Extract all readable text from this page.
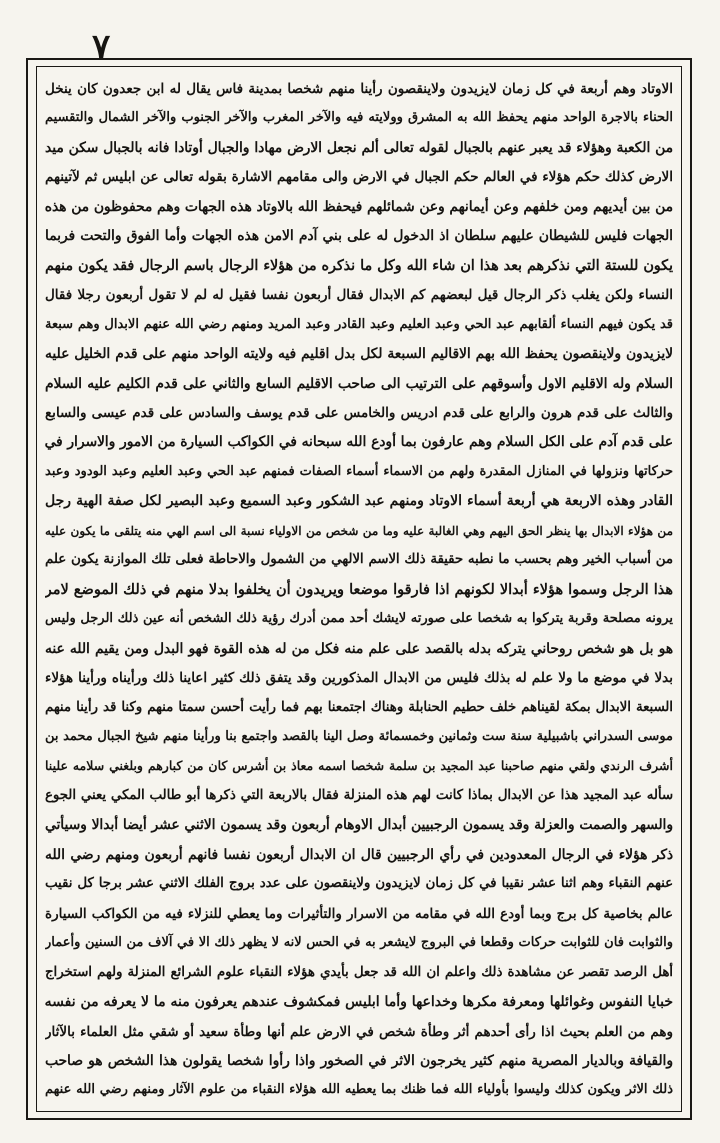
٧
الاوتاد وهم أربعة في كل زمان لايزيدون ولاينقصون رأينا منهم شخصا بمدينة فاس يقال له ابن جعدون كان ينخل
الحناء بالاجرة الواحد منهم يحفظ الله به المشرق وولايته فيه والآخر المغرب والآخر الجنوب والآخر الشمال والتقسيم
من الكعبة وهؤلاء قد يعبر عنهم بالجبال لقوله تعالى ألم نجعل الارض مهادا والجبال أوتادا فانه بالجبال سكن ميد
الارض كذلك حكم هؤلاء في العالم حكم الجبال في الارض والى مقامهم الاشارة بقوله تعالى عن ابليس ثم لآتينهم
من بين أيديهم ومن خلفهم وعن أيمانهم وعن شمائلهم فيحفظ الله بالاوتاد هذه الجهات وهم محفوظون من هذه
الجهات فليس للشيطان عليهم سلطان اذ الدخول له على بني آدم الامن هذه الجهات وأما الفوق والتحت فربما
يكون للستة التي نذكرهم بعد هذا ان شاء الله وكل ما نذكره من هؤلاء الرجال باسم الرجال فقد يكون منهم
النساء ولكن يغلب ذكر الرجال قيل لبعضهم كم الابدال فقال أربعون نفسا فقيل له لم لا تقول أربعون رجلا فقال
قد يكون فيهم النساء ألقابهم عبد الحي وعبد العليم وعبد القادر وعبد المريد ومنهم رضي الله عنهم الابدال وهم سبعة
لايزيدون ولاينقصون يحفظ الله بهم الاقاليم السبعة لكل بدل اقليم فيه ولايته الواحد منهم على قدم الخليل عليه
السلام وله الاقليم الاول وأسوقهم على الترتيب الى صاحب الاقليم السابع والثاني على قدم الكليم عليه السلام
والثالث على قدم هرون والرابع على قدم ادريس والخامس على قدم يوسف والسادس على قدم عيسى والسابع
على قدم آدم على الكل السلام وهم عارفون بما أودع الله سبحانه في الكواكب السيارة من الامور والاسرار في
حركاتها ونزولها في المنازل المقدرة ولهم من الاسماء أسماء الصفات فمنهم عبد الحي وعبد العليم وعبد الودود وعبد
القادر وهذه الاربعة هي أربعة أسماء الاوتاد ومنهم عبد الشكور وعبد السميع وعبد البصير لكل صفة الهية رجل
من هؤلاء الابدال بها ينظر الحق اليهم وهي الغالبة عليه وما من شخص من الاولياء نسبة الى اسم الهي منه يتلقى ما يكون عليه
من أسباب الخير وهم بحسب ما نطبه حقيقة ذلك الاسم الالهي من الشمول والاحاطة فعلى تلك الموازنة يكون علم
هذا الرجل وسموا هؤلاء أبدالا لكونهم اذا فارقوا موضعا ويريدون أن يخلفوا بدلا منهم في ذلك الموضع لامر
يرونه مصلحة وقربة يتركوا به شخصا على صورته لايشك أحد ممن أدرك رؤية ذلك الشخص أنه عين ذلك الرجل وليس
هو بل هو شخص روحاني يتركه بدله بالقصد على علم منه فكل من له هذه القوة فهو البدل ومن يقيم الله عنه
بدلا في موضع ما ولا علم له بذلك فليس من الابدال المذكورين وقد يتفق ذلك كثير اعاينا ذلك ورأيناه ورأينا هؤلاء
السبعة الابدال بمكة لقيناهم خلف حطيم الحنابلة وهناك اجتمعنا بهم فما رأيت أحسن سمتا منهم وكنا قد رأينا منهم
موسى السدراني باشبيلية سنة ست وثمانين وخمسمائة وصل الينا بالقصد واجتمع بنا ورأينا منهم شيخ الجبال محمد بن
أشرف الرندي ولقي منهم صاحبنا عبد المجيد بن سلمة شخصا اسمه معاذ بن أشرس كان من كبارهم وبلغني سلامه علينا
سأله عبد المجيد هذا عن الابدال بماذا كانت لهم هذه المنزلة فقال بالاربعة التي ذكرها أبو طالب المكي يعني الجوع
والسهر والصمت والعزلة وقد يسمون الرجبيين أبدال الاوهام أربعون وقد يسمون الاثني عشر أيضا أبدالا وسيأتي
ذكر هؤلاء في الرجال المعدودين في رأي الرجبيين قال ان الابدال أربعون نفسا فانهم أربعون ومنهم رضي الله
عنهم النقباء وهم اثنا عشر نقيبا في كل زمان لايزيدون ولاينقصون على عدد بروج الفلك الاثني عشر برجا كل نقيب
عالم بخاصية كل برج وبما أودع الله في مقامه من الاسرار والتأثيرات وما يعطي للنزلاء فيه من الكواكب السيارة
والثوابت فان للثوابت حركات وقطعا في البروج لايشعر به في الحس لانه لا يظهر ذلك الا في آلاف من السنين وأعمار
أهل الرصد تقصر عن مشاهدة ذلك واعلم ان الله قد جعل بأيدي هؤلاء النقباء علوم الشرائع المنزلة ولهم استخراج
خبايا النفوس وغوائلها ومعرفة مكرها وخداعها وأما ابليس فمكشوف عندهم يعرفون منه ما لا يعرفه من نفسه
وهم من العلم بحيث اذا رأى أحدهم أثر وطأة شخص في الارض علم أنها وطأة سعيد أو شقي مثل العلماء بالآثار
والقيافة وبالديار المصرية منهم كثير يخرجون الاثر في الصخور واذا رأوا شخصا يقولون هذا الشخص هو صاحب
ذلك الاثر ويكون كذلك وليسوا بأولياء الله فما ظنك بما يعطيه الله هؤلاء النقباء من علوم الآثار ومنهم رضي الله عنهم
